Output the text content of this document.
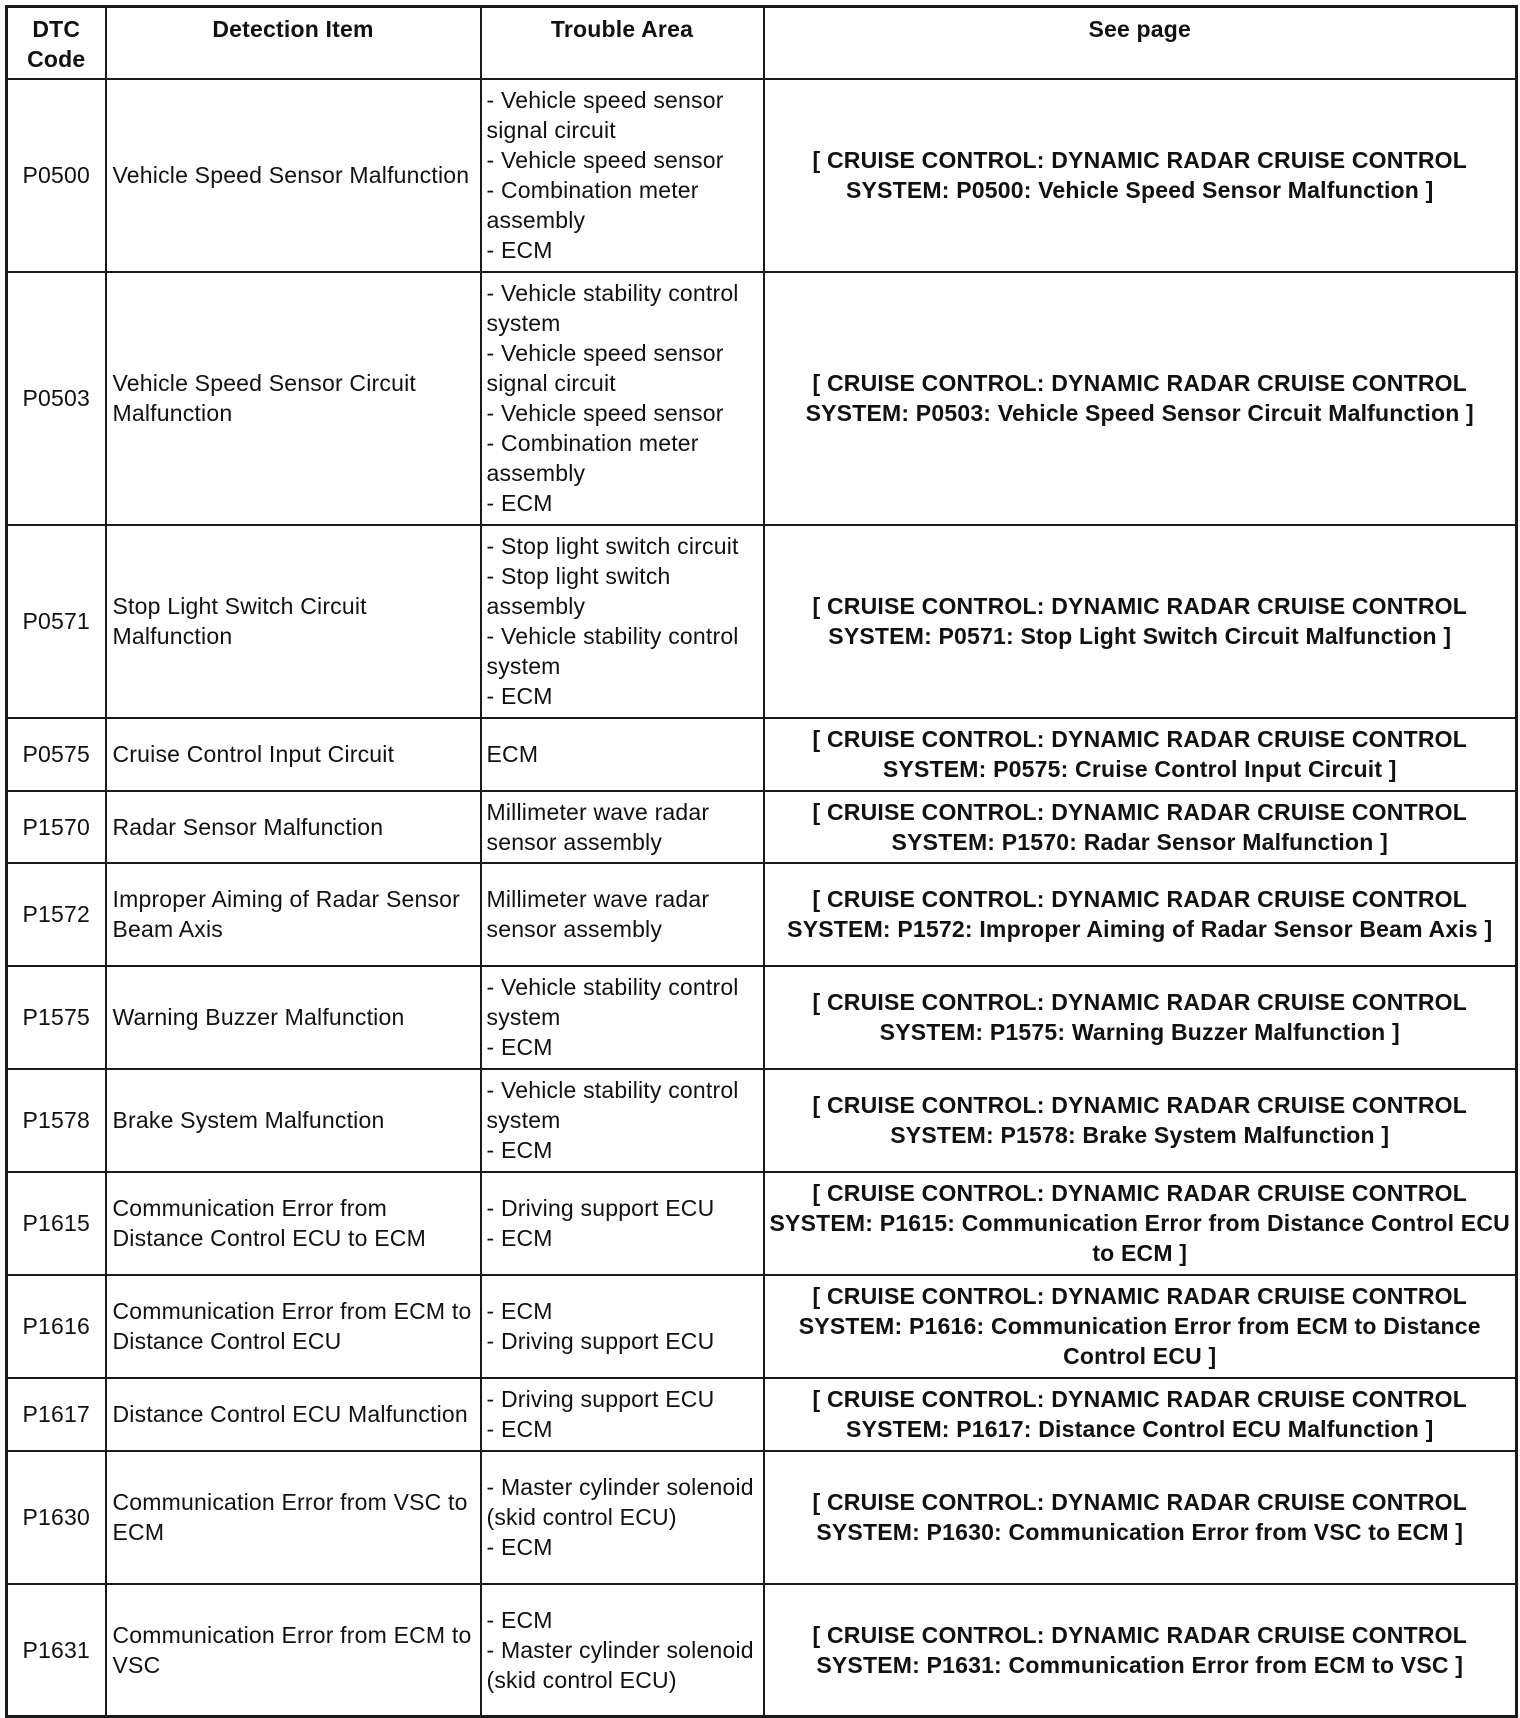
DTC
Code	Detection Item	Trouble Area	See page
P0500	Vehicle Speed Sensor Malfunction	- Vehicle speed sensor signal circuit
- Vehicle speed sensor
- Combination meter assembly
- ECM	[ CRUISE CONTROL: DYNAMIC RADAR CRUISE CONTROL SYSTEM: P0500: Vehicle Speed Sensor Malfunction ]
P0503	Vehicle Speed Sensor Circuit Malfunction	- Vehicle stability control system
- Vehicle speed sensor signal circuit
- Vehicle speed sensor
- Combination meter assembly
- ECM	[ CRUISE CONTROL: DYNAMIC RADAR CRUISE CONTROL SYSTEM: P0503: Vehicle Speed Sensor Circuit Malfunction ]
P0571	Stop Light Switch Circuit Malfunction	- Stop light switch circuit
- Stop light switch assembly
- Vehicle stability control system
- ECM	[ CRUISE CONTROL: DYNAMIC RADAR CRUISE CONTROL SYSTEM: P0571: Stop Light Switch Circuit Malfunction ]
P0575	Cruise Control Input Circuit	ECM	[ CRUISE CONTROL: DYNAMIC RADAR CRUISE CONTROL SYSTEM: P0575: Cruise Control Input Circuit ]
P1570	Radar Sensor Malfunction	Millimeter wave radar sensor assembly	[ CRUISE CONTROL: DYNAMIC RADAR CRUISE CONTROL SYSTEM: P1570: Radar Sensor Malfunction ]
P1572	Improper Aiming of Radar Sensor Beam Axis	Millimeter wave radar sensor assembly	[ CRUISE CONTROL: DYNAMIC RADAR CRUISE CONTROL SYSTEM: P1572: Improper Aiming of Radar Sensor Beam Axis ]
P1575	Warning Buzzer Malfunction	- Vehicle stability control system
- ECM	[ CRUISE CONTROL: DYNAMIC RADAR CRUISE CONTROL SYSTEM: P1575: Warning Buzzer Malfunction ]
P1578	Brake System Malfunction	- Vehicle stability control system
- ECM	[ CRUISE CONTROL: DYNAMIC RADAR CRUISE CONTROL SYSTEM: P1578: Brake System Malfunction ]
P1615	Communication Error from Distance Control ECU to ECM	- Driving support ECU
- ECM	[ CRUISE CONTROL: DYNAMIC RADAR CRUISE CONTROL SYSTEM: P1615: Communication Error from Distance Control ECU to ECM ]
P1616	Communication Error from ECM to Distance Control ECU	- ECM
- Driving support ECU	[ CRUISE CONTROL: DYNAMIC RADAR CRUISE CONTROL SYSTEM: P1616: Communication Error from ECM to Distance Control ECU ]
P1617	Distance Control ECU Malfunction	- Driving support ECU
- ECM	[ CRUISE CONTROL: DYNAMIC RADAR CRUISE CONTROL SYSTEM: P1617: Distance Control ECU Malfunction ]
P1630	Communication Error from VSC to ECM	- Master cylinder solenoid (skid control ECU)
- ECM	[ CRUISE CONTROL: DYNAMIC RADAR CRUISE CONTROL SYSTEM: P1630: Communication Error from VSC to ECM ]
P1631	Communication Error from ECM to VSC	- ECM
- Master cylinder solenoid (skid control ECU)	[ CRUISE CONTROL: DYNAMIC RADAR CRUISE CONTROL SYSTEM: P1631: Communication Error from ECM to VSC ]
